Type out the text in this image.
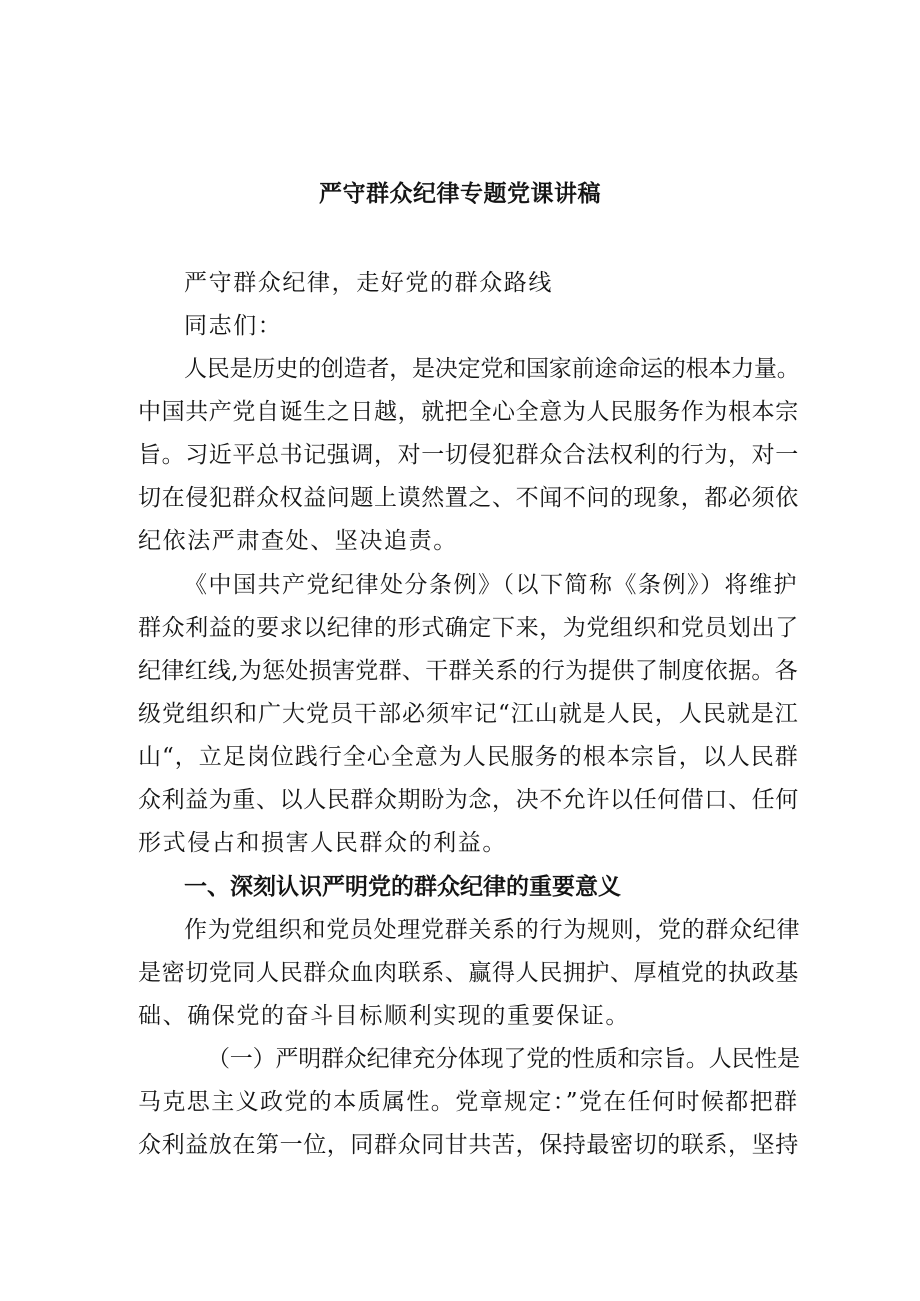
严守群众纪律专题党课讲稿
严守群众纪律，走好党的群众路线
同志们：
人民是历史的创造者，是决定党和国家前途命运的根本力量。
中国共产党自诞生之日越，就把全心全意为人民服务作为根本宗
旨。习近平总书记强调，对一切侵犯群众合法权利的行为，对一
切在侵犯群众权益问题上谟然置之、不闻不问的现象，都必须依
纪依法严肃查处、坚决追责。
《中国共产党纪律处分条例》（以下简称《条例》）将维护
群众利益的要求以纪律的形式确定下来，为党组织和党员划出了
纪律红线,为惩处损害党群、干群关系的行为提供了制度依据。各
级党组织和广大党员干部必须牢记“江山就是人民，人民就是江
山“，立足岗位践行全心全意为人民服务的根本宗旨，以人民群
众利益为重、以人民群众期盼为念，决不允许以任何借口、任何
形式侵占和损害人民群众的利益。
一、深刻认识严明党的群众纪律的重要意义
作为党组织和党员处理党群关系的行为规则，党的群众纪律
是密切党同人民群众血肉联系、赢得人民拥护、厚植党的执政基
础、确保党的奋斗目标顺利实现的重要保证。
（一）严明群众纪律充分体现了党的性质和宗旨。人民性是
马克思主义政党的本质属性。党章规定：”党在任何时候都把群
众利益放在第一位，同群众同甘共苦，保持最密切的联系，坚持
